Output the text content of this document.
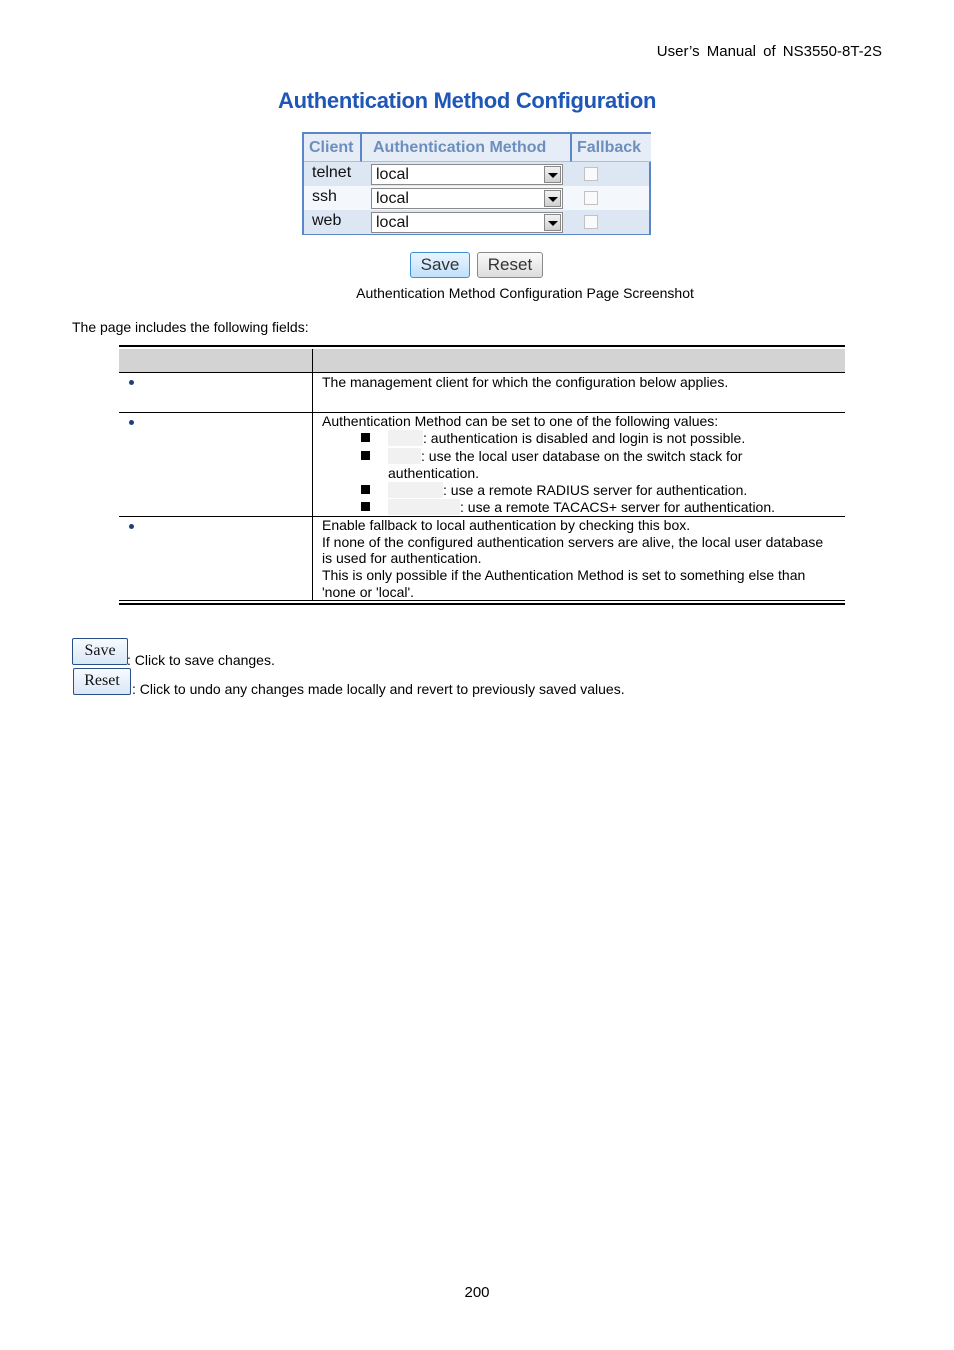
User’s Manual of NS3550-8T-2S
Authentication Method Configuration
Client	Authentication Method	Fallback
telnet local
ssh local
web local
Save	Reset
Authentication Method Configuration Page Screenshot
The page includes the following fields:
The management client for which the configuration below applies.
Authentication Method can be set to one of the following values:
: authentication is disabled and login is not possible.
: use the local user database on the switch stack for
authentication.
: use a remote RADIUS server for authentication.
: use a remote TACACS+ server for authentication.
Enable fallback to local authentication by checking this box.
If none of the configured authentication servers are alive, the local user database
is used for authentication.
This is only possible if the Authentication Method is set to something else than
'none or 'local'.
Save
: Click to save changes.
Reset : Click to undo any changes made locally and revert to previously saved values.
200
